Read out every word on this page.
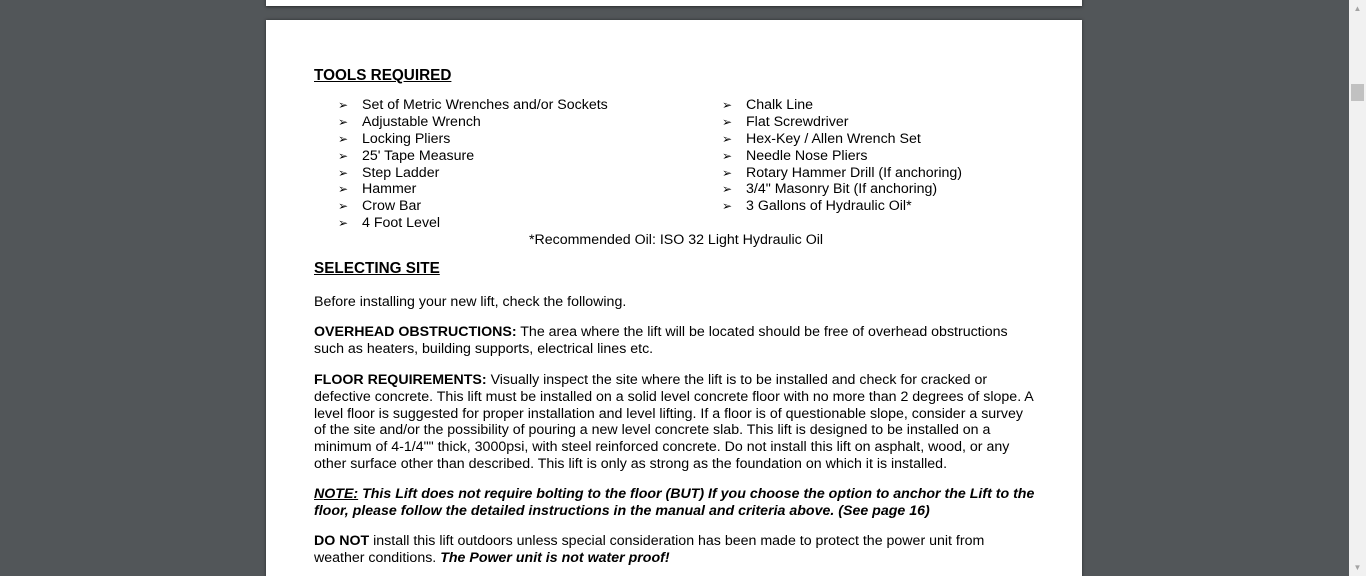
TOOLS REQUIRED
➢ Set of Metric Wrenches and/or Sockets
➢ Adjustable Wrench
➢ Locking Pliers
➢ 25' Tape Measure
➢ Step Ladder
➢ Hammer
➢ Crow Bar
➢ 4 Foot Level
➢ Chalk Line
➢ Flat Screwdriver
➢ Hex-Key / Allen Wrench Set
➢ Needle Nose Pliers
➢ Rotary Hammer Drill (If anchoring)
➢ 3/4" Masonry Bit (If anchoring)
➢ 3 Gallons of Hydraulic Oil*

*Recommended Oil: ISO 32 Light Hydraulic Oil

SELECTING SITE

Before installing your new lift, check the following.

OVERHEAD OBSTRUCTIONS: The area where the lift will be located should be free of overhead obstructions such as heaters, building supports, electrical lines etc.

FLOOR REQUIREMENTS: Visually inspect the site where the lift is to be installed and check for cracked or defective concrete. This lift must be installed on a solid level concrete floor with no more than 2 degrees of slope. A level floor is suggested for proper installation and level lifting. If a floor is of questionable slope, consider a survey of the site and/or the possibility of pouring a new level concrete slab. This lift is designed to be installed on a minimum of 4-1/4"" thick, 3000psi, with steel reinforced concrete. Do not install this lift on asphalt, wood, or any other surface other than described. This lift is only as strong as the foundation on which it is installed.

NOTE: This Lift does not require bolting to the floor (BUT) If you choose the option to anchor the Lift to the floor, please follow the detailed instructions in the manual and criteria above. (See page 16)

DO NOT install this lift outdoors unless special consideration has been made to protect the power unit from weather conditions. The Power unit is not water proof!

▲
▼
